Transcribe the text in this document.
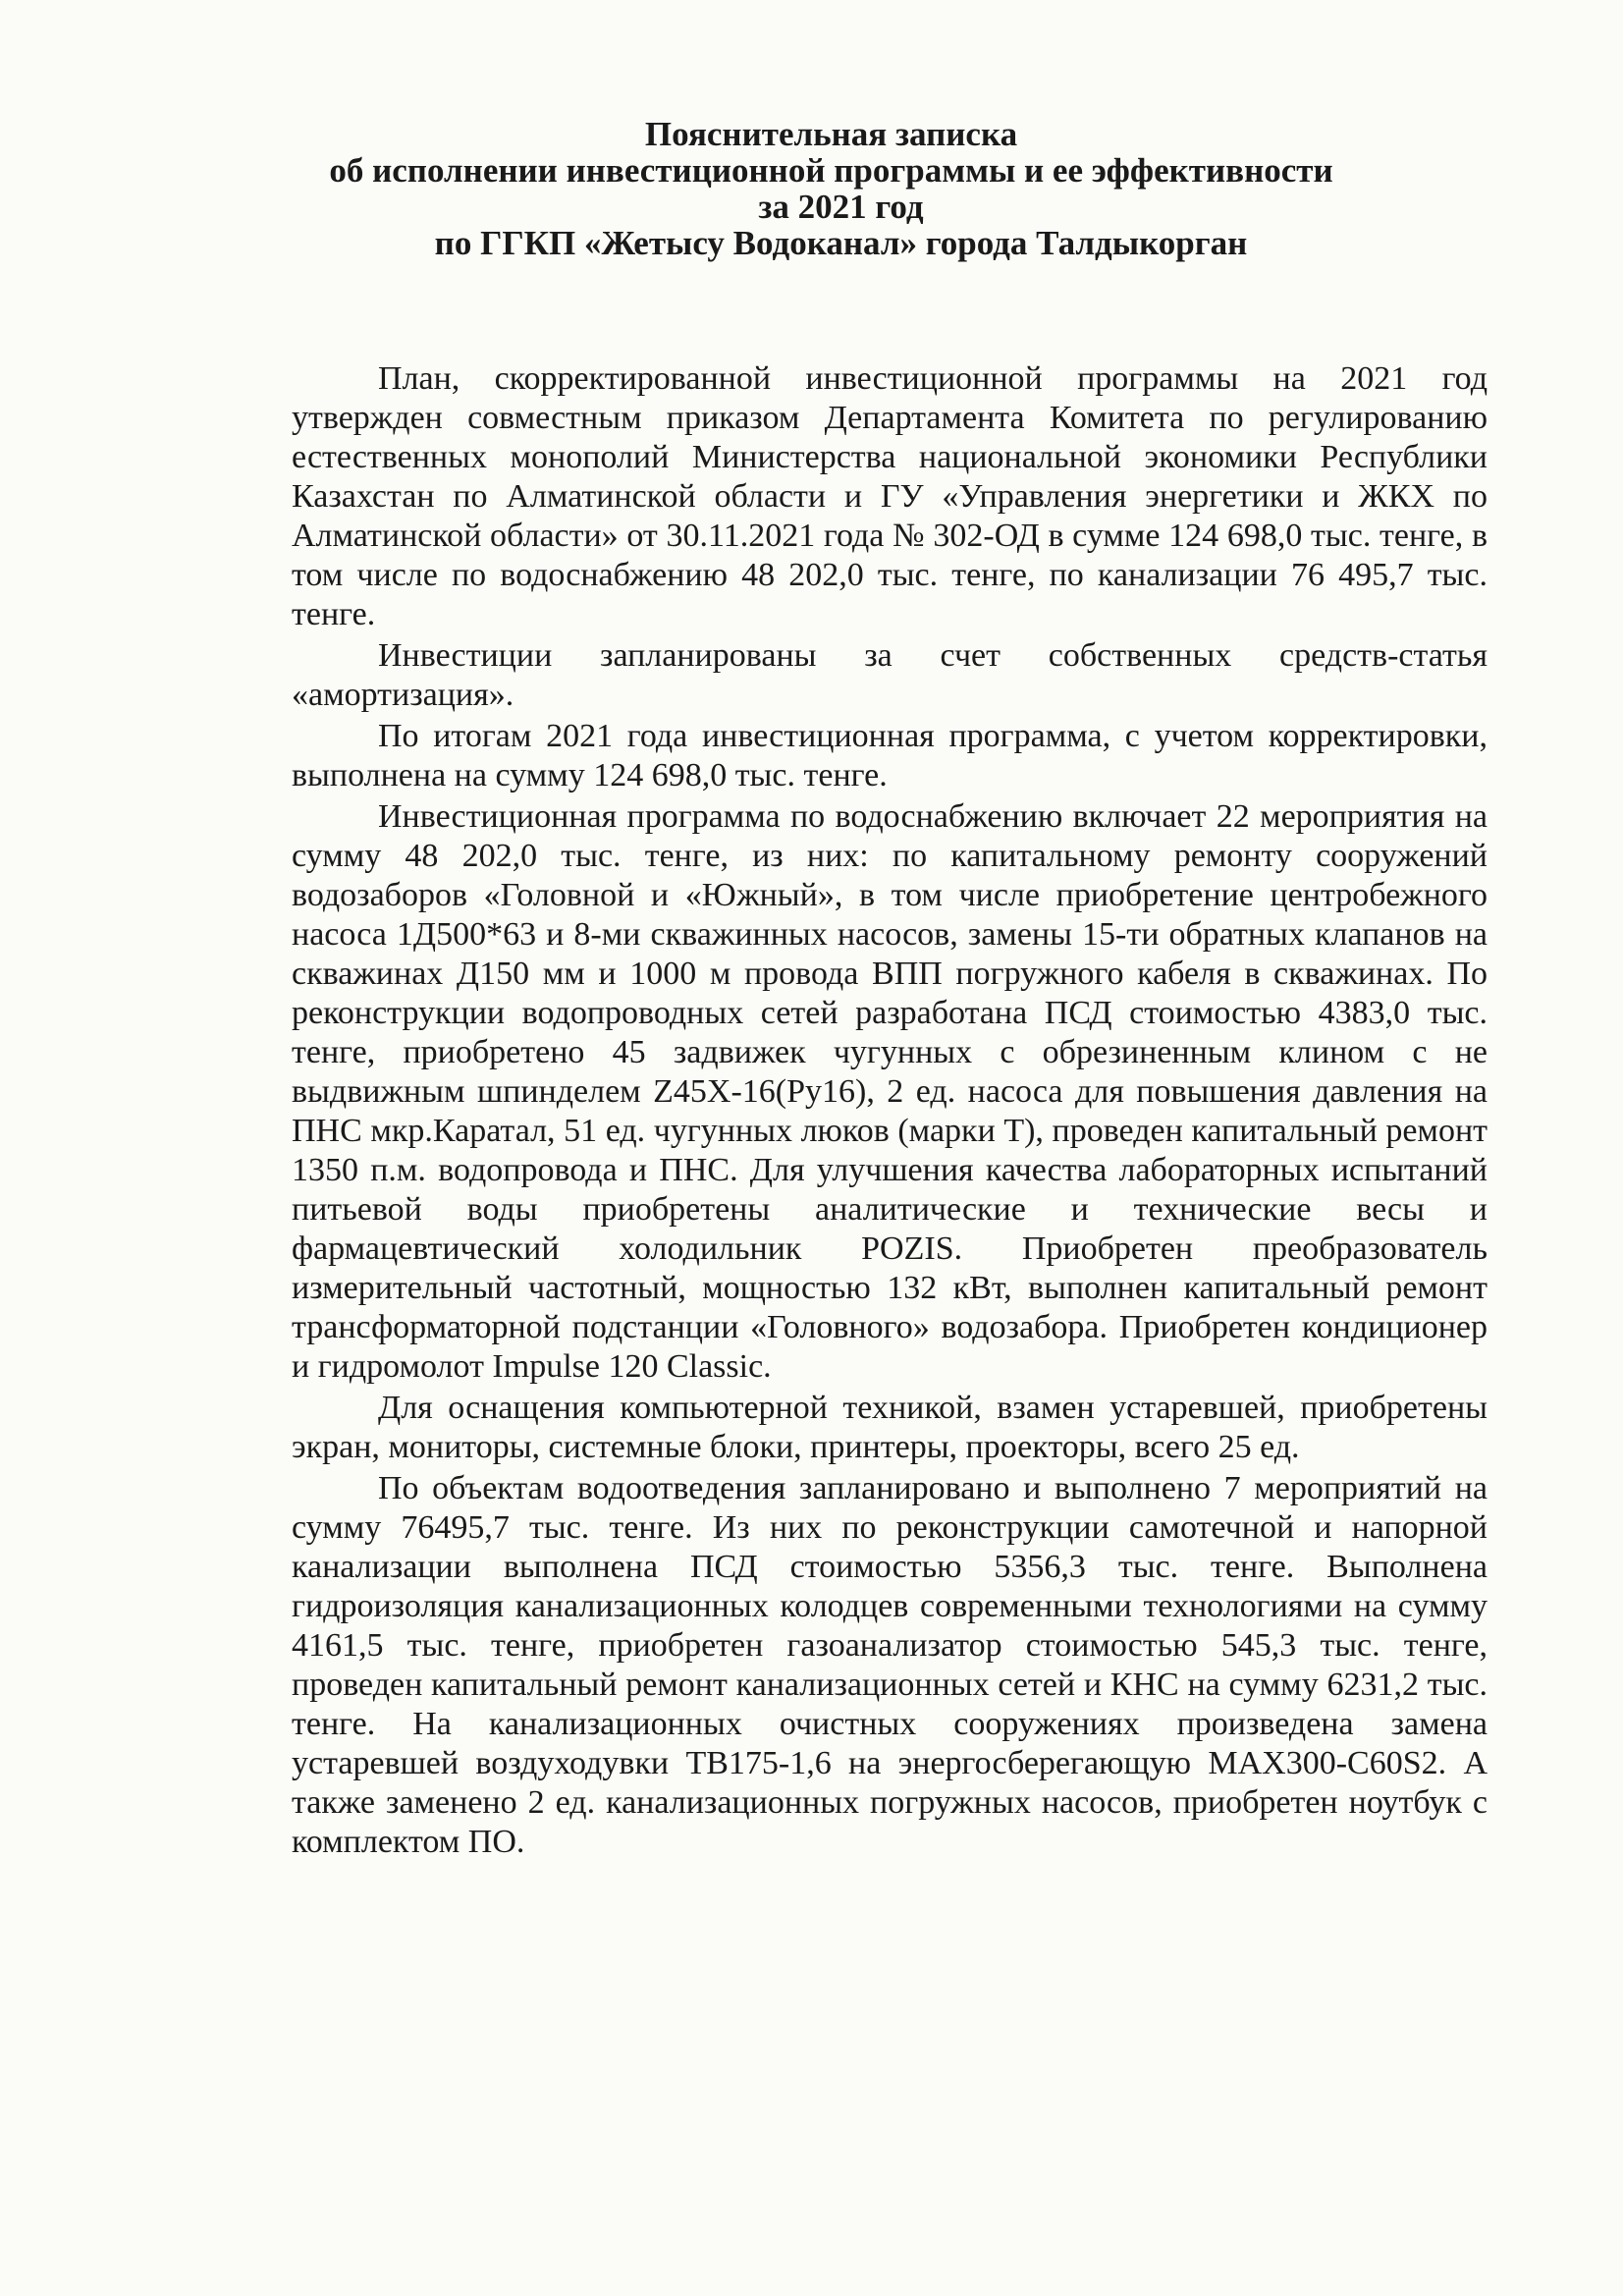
Пояснительная записка

об исполнении инвестиционной программы и ее эффективности

за 2021 год

по ГГКП «Жетысу Водоканал» города Талдыкорган

План, скорректированной инвестиционной программы на 2021 год утвержден совместным приказом Департамента Комитета по регулированию естественных монополий Министерства национальной экономики Республики Казахстан по Алматинской области и ГУ «Управления энергетики и ЖКХ по Алматинской области» от 30.11.2021 года № 302-ОД в сумме 124 698,0 тыс. тенге, в том числе по водоснабжению 48 202,0 тыс. тенге, по канализации 76 495,7 тыс. тенге.

Инвестиции запланированы за счет собственных средств-статья «амортизация».

По итогам 2021 года инвестиционная программа, с учетом корректировки, выполнена на сумму 124 698,0 тыс. тенге.

Инвестиционная программа по водоснабжению включает 22 мероприятия на сумму 48 202,0 тыс. тенге, из них: по капитальному ремонту сооружений водозаборов «Головной и «Южный», в том числе приобретение центробежного насоса 1Д500*63 и 8-ми скважинных насосов, замены 15-ти обратных клапанов на скважинах Д150 мм и 1000 м провода ВПП погружного кабеля в скважинах. По реконструкции водопроводных сетей разработана ПСД стоимостью 4383,0 тыс. тенге, приобретено 45 задвижек чугунных с обрезиненным клином с не выдвижным шпинделем Z45X-16(Ру16), 2 ед. насоса для повышения давления на ПНС мкр.Каратал, 51 ед. чугунных люков (марки Т), проведен капитальный ремонт 1350 п.м. водопровода и ПНС. Для улучшения качества лабораторных испытаний питьевой воды приобретены аналитические и технические весы и фармацевтический холодильник POZIS. Приобретен преобразователь измерительный частотный, мощностью 132 кВт, выполнен капитальный ремонт трансформаторной подстанции «Головного» водозабора. Приобретен кондиционер и гидромолот Impulse 120 Classic.

Для оснащения компьютерной техникой, взамен устаревшей, приобретены экран, мониторы, системные блоки, принтеры, проекторы, всего 25 ед.

По объектам водоотведения запланировано и выполнено 7 мероприятий на сумму 76495,7 тыс. тенге. Из них по реконструкции самотечной и напорной канализации выполнена ПСД стоимостью 5356,3 тыс. тенге. Выполнена гидроизоляция канализационных колодцев современными технологиями на сумму 4161,5 тыс. тенге, приобретен газоанализатор стоимостью 545,3 тыс. тенге, проведен капитальный ремонт канализационных сетей и КНС на сумму 6231,2 тыс. тенге. На канализационных очистных сооружениях произведена замена устаревшей воздуходувки TB175-1,6 на энергосберегающую MAX300-C60S2. А также заменено 2 ед. канализационных погружных насосов, приобретен ноутбук с комплектом ПО.
